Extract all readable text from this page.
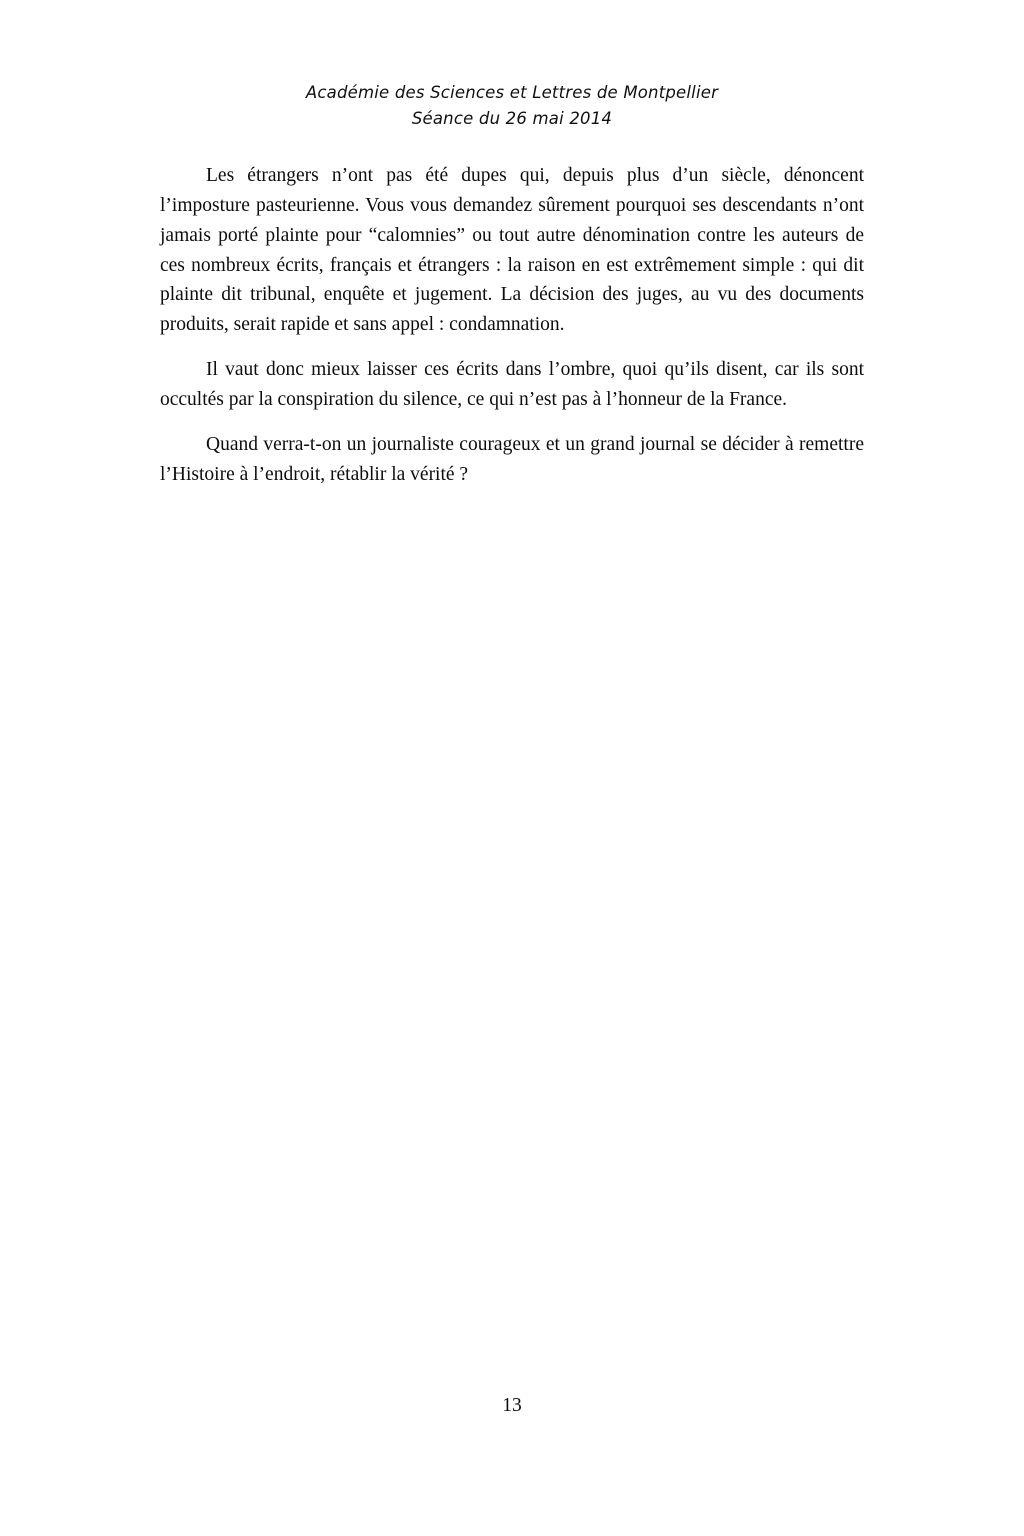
Académie des Sciences et Lettres de Montpellier
Séance du 26 mai 2014

Les étrangers n’ont pas été dupes qui, depuis plus d’un siècle, dénoncent l’imposture pasteurienne. Vous vous demandez sûrement pourquoi ses descendants n’ont jamais porté plainte pour “calomnies” ou tout autre dénomination contre les auteurs de ces nombreux écrits, français et étrangers : la raison en est extrêmement simple : qui dit plainte dit tribunal, enquête et jugement. La décision des juges, au vu des documents produits, serait rapide et sans appel : condamnation.

Il vaut donc mieux laisser ces écrits dans l’ombre, quoi qu’ils disent, car ils sont occultés par la conspiration du silence, ce qui n’est pas à l’honneur de la France.

Quand verra-t-on un journaliste courageux et un grand journal se décider à remettre l’Histoire à l’endroit, rétablir la vérité ?

13
